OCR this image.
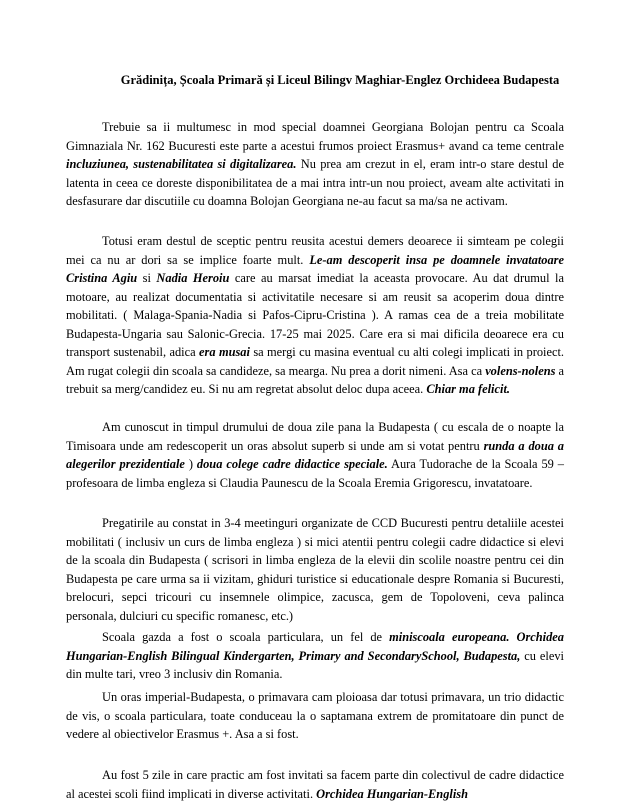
Grădinița, Școala Primară și Liceul Bilingv Maghiar-Englez Orchideea Budapesta
Trebuie sa ii multumesc in mod special doamnei Georgiana Bolojan pentru ca Scoala Gimnaziala Nr. 162 Bucuresti este parte a acestui frumos proiect Erasmus+ avand ca teme centrale incluziunea, sustenabilitatea si digitalizarea. Nu prea am crezut in el, eram intr-o stare destul de latenta in ceea ce doreste disponibilitatea de a mai intra intr-un nou proiect, aveam alte activitati in desfasurare dar discutiile cu doamna Bolojan Georgiana ne-au facut sa ma/sa ne activam.
Totusi eram destul de sceptic pentru reusita acestui demers deoarece ii simteam pe colegii mei ca nu ar dori sa se implice foarte mult. Le-am descoperit insa pe doamnele invatatoare Cristina Agiu si Nadia Heroiu care au marsat imediat la aceasta provocare. Au dat drumul la motoare, au realizat documentatia si activitatile necesare si am reusit sa acoperim doua dintre mobilitati. ( Malaga-Spania-Nadia si Pafos-Cipru-Cristina ). A ramas cea de a treia mobilitate Budapesta-Ungaria sau Salonic-Grecia. 17-25 mai 2025. Care era si mai dificila deoarece era cu transport sustenabil, adica era musai sa mergi cu masina eventual cu alti colegi implicati in proiect. Am rugat colegii din scoala sa candideze, sa mearga. Nu prea a dorit nimeni. Asa ca volens-nolens a trebuit sa merg/candidez eu. Si nu am regretat absolut deloc dupa aceea. Chiar ma felicit.
Am cunoscut in timpul drumului de doua zile pana la Budapesta ( cu escala de o noapte la Timisoara unde am redescoperit un oras absolut superb si unde am si votat pentru runda a doua a alegerilor prezidentiale ) doua colege cadre didactice speciale. Aura Tudorache de la Scoala 59 – profesoara de limba engleza si Claudia Paunescu de la Scoala Eremia Grigorescu, invatatoare.
Pregatirile au constat in 3-4 meetinguri organizate de CCD Bucuresti pentru detaliile acestei mobilitati ( inclusiv un curs de limba engleza ) si mici atentii pentru colegii cadre didactice si elevi de la scoala din Budapesta ( scrisori in limba engleza de la elevii din scolile noastre pentru cei din Budapesta pe care urma sa ii vizitam, ghiduri turistice si educationale despre Romania si Bucuresti, brelocuri, sepci tricouri cu insemnele olimpice, zacusca, gem de Topoloveni, ceva palinca personala, dulciuri cu specific romanesc, etc.)
Scoala gazda a fost o scoala particulara, un fel de miniscoala europeana. Orchidea Hungarian-English Bilingual Kindergarten, Primary and SecondarySchool, Budapesta, cu elevi din multe tari, vreo 3 inclusiv din Romania.
Un oras imperial-Budapesta, o primavara cam ploioasa dar totusi primavara, un trio didactic de vis, o scoala particulara, toate conduceau la o saptamana extrem de promitatoare din punct de vedere al obiectivelor Erasmus +. Asa a si fost.
Au fost 5 zile in care practic am fost invitati sa facem parte din colectivul de cadre didactice al acestei scoli fiind implicati in diverse activitati. Orchidea Hungarian-English
